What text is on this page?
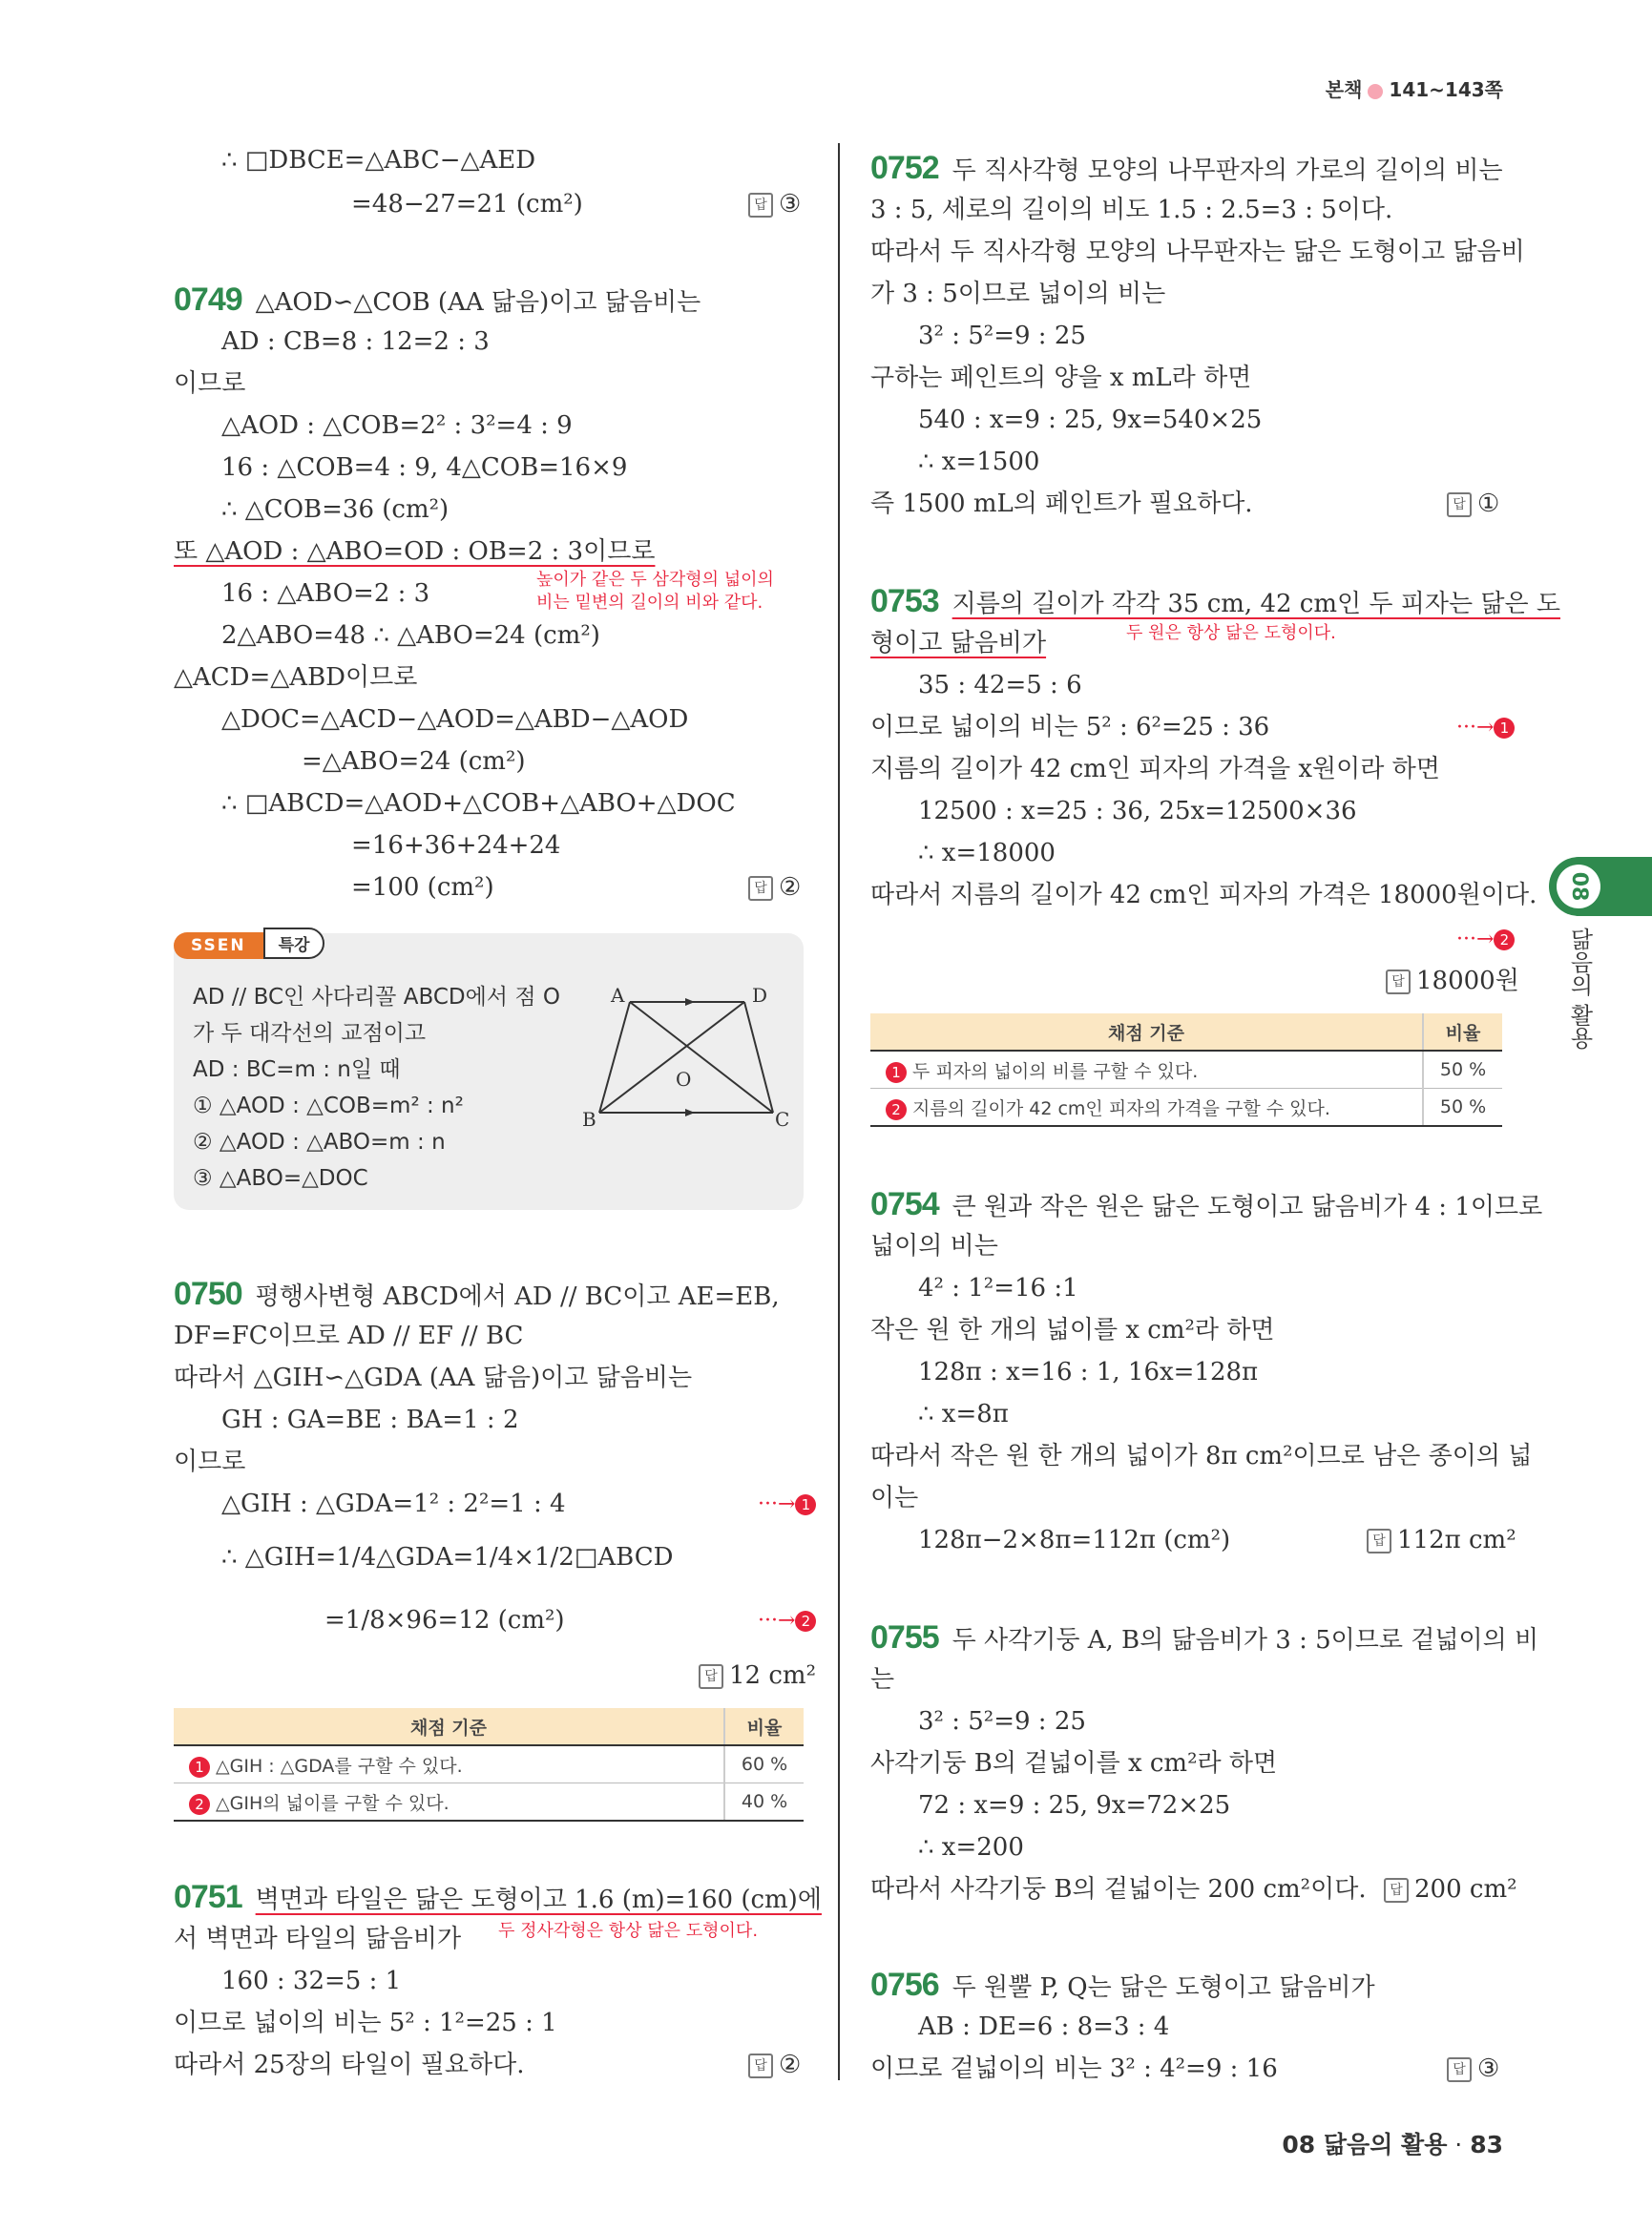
본책 141~143쪽
08
닮음의 활용
08 닮음의 활용 · 83
∴ □DBCE=△ABC−△AED
=48−27=21 (cm²)	답 ③
0749 △AOD∽△COB (AA 닮음)이고 닮음비는
AD : CB=8 : 12=2 : 3
이므로
△AOD : △COB=2² : 3²=4 : 9
16 : △COB=4 : 9, 4△COB=16×9
∴ △COB=36 (cm²)
또 △AOD : △ABO=OD : OB=2 : 3이므로
높이가 같은 두 삼각형의 넓이의
비는 밑변의 길이의 비와 같다.
16 : △ABO=2 : 3
2△ABO=48 ∴ △ABO=24 (cm²)
△ACD=△ABD이므로
△DOC=△ACD−△AOD=△ABD−△AOD
=△ABO=24 (cm²)
∴ □ABCD=△AOD+△COB+△ABO+△DOC
=16+36+24+24
=100 (cm²)	답 ②
SSEN 특강
AD // BC인 사다리꼴 ABCD에서 점 O
가 두 대각선의 교점이고
AD : BC=m : n일 때
① △AOD : △COB=m² : n²
② △AOD : △ABO=m : n
③ △ABO=△DOC
A	D
B	C
O
0750 평행사변형 ABCD에서 AD // BC이고 AE=EB,
DF=FC이므로 AD // EF // BC
따라서 △GIH∽△GDA (AA 닮음)이고 닮음비는
GH : GA=BE : BA=1 : 2
이므로
△GIH : △GDA=1² : 2²=1 : 4	···→ 1
∴ △GIH=1/4△GDA=1/4×1/2□ABCD
=1/8×96=12 (cm²)	···→ 2
답 12 cm²
채점 기준	비율
1 △GIH : △GDA를 구할 수 있다.	60 %
2 △GIH의 넓이를 구할 수 있다.	40 %
0751 벽면과 타일은 닮은 도형이고 1.6 (m)=160 (cm)에
서 벽면과 타일의 닮음비가 두 정사각형은 항상 닮은 도형이다.
160 : 32=5 : 1
이므로 넓이의 비는 5² : 1²=25 : 1
따라서 25장의 타일이 필요하다.	답 ②
0752 두 직사각형 모양의 나무판자의 가로의 길이의 비는
3 : 5, 세로의 길이의 비도 1.5 : 2.5=3 : 5이다.
따라서 두 직사각형 모양의 나무판자는 닮은 도형이고 닮음비
가 3 : 5이므로 넓이의 비는
3² : 5²=9 : 25
구하는 페인트의 양을 x mL라 하면
540 : x=9 : 25, 9x=540×25
∴ x=1500
즉 1500 mL의 페인트가 필요하다.	답 ①
0753 지름의 길이가 각각 35 cm, 42 cm인 두 피자는 닮은 도
형이고 닮음비가	두 원은 항상 닮은 도형이다.
35 : 42=5 : 6
이므로 넓이의 비는 5² : 6²=25 : 36	···→ 1
지름의 길이가 42 cm인 피자의 가격을 x원이라 하면
12500 : x=25 : 36, 25x=12500×36
∴ x=18000
따라서 지름의 길이가 42 cm인 피자의 가격은 18000원이다.
···→ 2
답 18000원
채점 기준	비율
1 두 피자의 넓이의 비를 구할 수 있다.	50 %
2 지름의 길이가 42 cm인 피자의 가격을 구할 수 있다.	50 %
0754 큰 원과 작은 원은 닮은 도형이고 닮음비가 4 : 1이므로
넓이의 비는
4² : 1²=16 :1
작은 원 한 개의 넓이를 x cm²라 하면
128π : x=16 : 1, 16x=128π
∴ x=8π
따라서 작은 원 한 개의 넓이가 8π cm²이므로 남은 종이의 넓
이는
128π−2×8π=112π (cm²)	답 112π cm²
0755 두 사각기둥 A, B의 닮음비가 3 : 5이므로 겉넓이의 비
는
3² : 5²=9 : 25
사각기둥 B의 겉넓이를 x cm²라 하면
72 : x=9 : 25, 9x=72×25
∴ x=200
따라서 사각기둥 B의 겉넓이는 200 cm²이다.	답 200 cm²
0756 두 원뿔 P, Q는 닮은 도형이고 닮음비가
AB : DE=6 : 8=3 : 4
이므로 겉넓이의 비는 3² : 4²=9 : 16	답 ③
